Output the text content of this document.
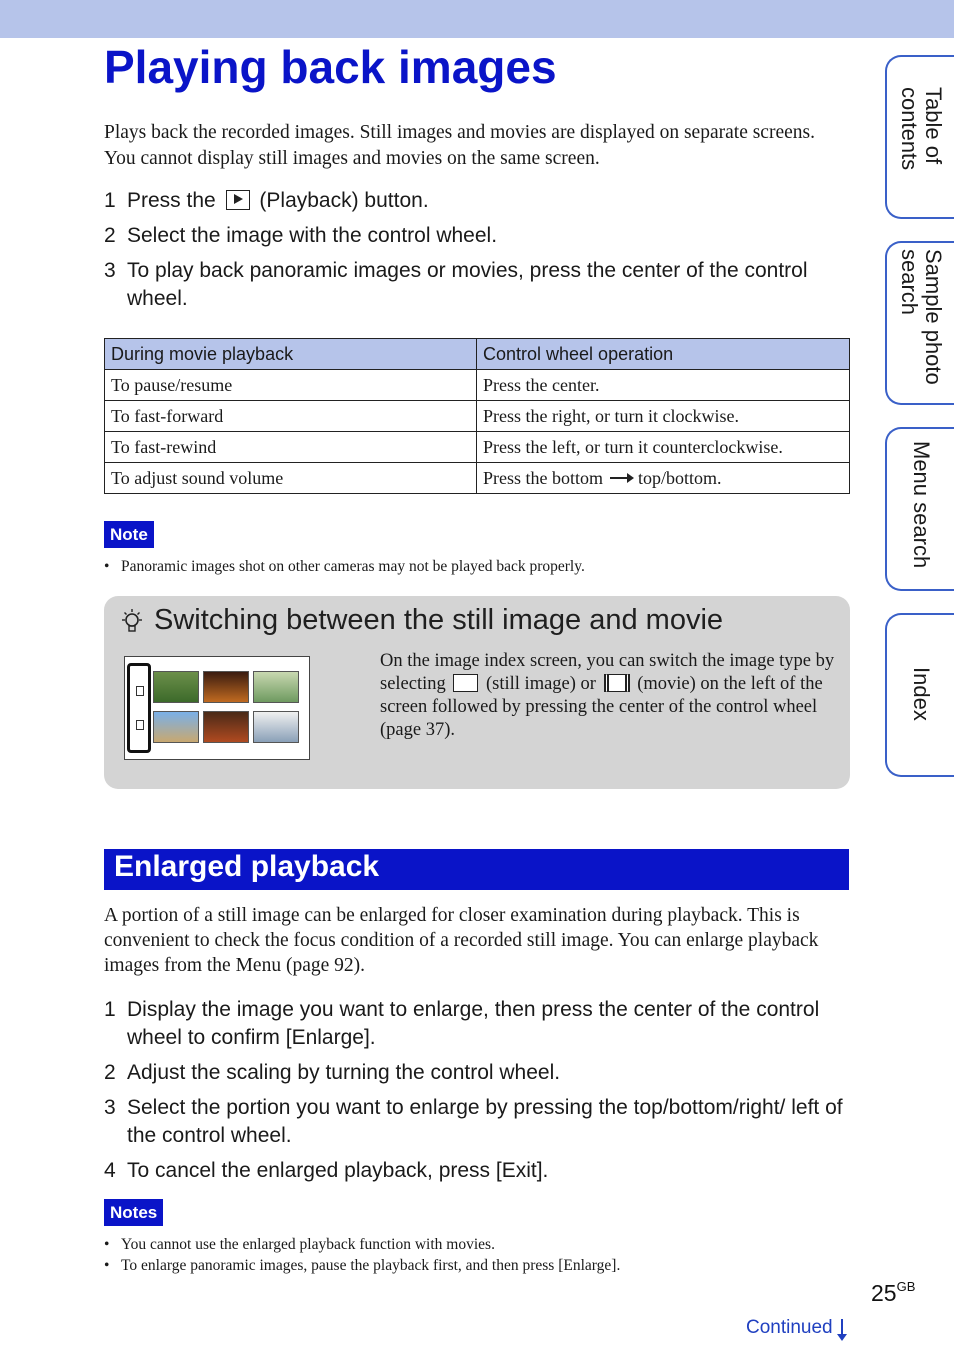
Playing back images

Plays back the recorded images. Still images and movies are displayed on separate screens. You cannot display still images and movies on the same screen.

1 Press the (Playback) button.
2 Select the image with the control wheel.
3 To play back panoramic images or movies, press the center of the control wheel.
During movie playback	Control wheel operation
To pause/resume	Press the center.
To fast-forward	Press the right, or turn it clockwise.
To fast-rewind	Press the left, or turn it counterclockwise.
To adjust sound volume	Press the bottom top/bottom.
Note
• Panoramic images shot on other cameras may not be played back properly.
Switching between the still image and movie
On the image index screen, you can switch the image type by selecting (still image) or (movie) on the left of the screen followed by pressing the center of the control wheel (page 37).
Enlarged playback

A portion of a still image can be enlarged for closer examination during playback. This is convenient to check the focus condition of a recorded still image. You can enlarge playback images from the Menu (page 92).

1 Display the image you want to enlarge, then press the center of the control wheel to confirm [Enlarge].
2 Adjust the scaling by turning the control wheel.
3 Select the portion you want to enlarge by pressing the top/bottom/right/ left of the control wheel.
4 To cancel the enlarged playback, press [Exit].
Notes
• You cannot use the enlarged playback function with movies.
• To enlarge panoramic images, pause the playback first, and then press [Enlarge].
Table of
contents
Sample photo
search
Menu search
Index
$25^{GB}$
Continued
